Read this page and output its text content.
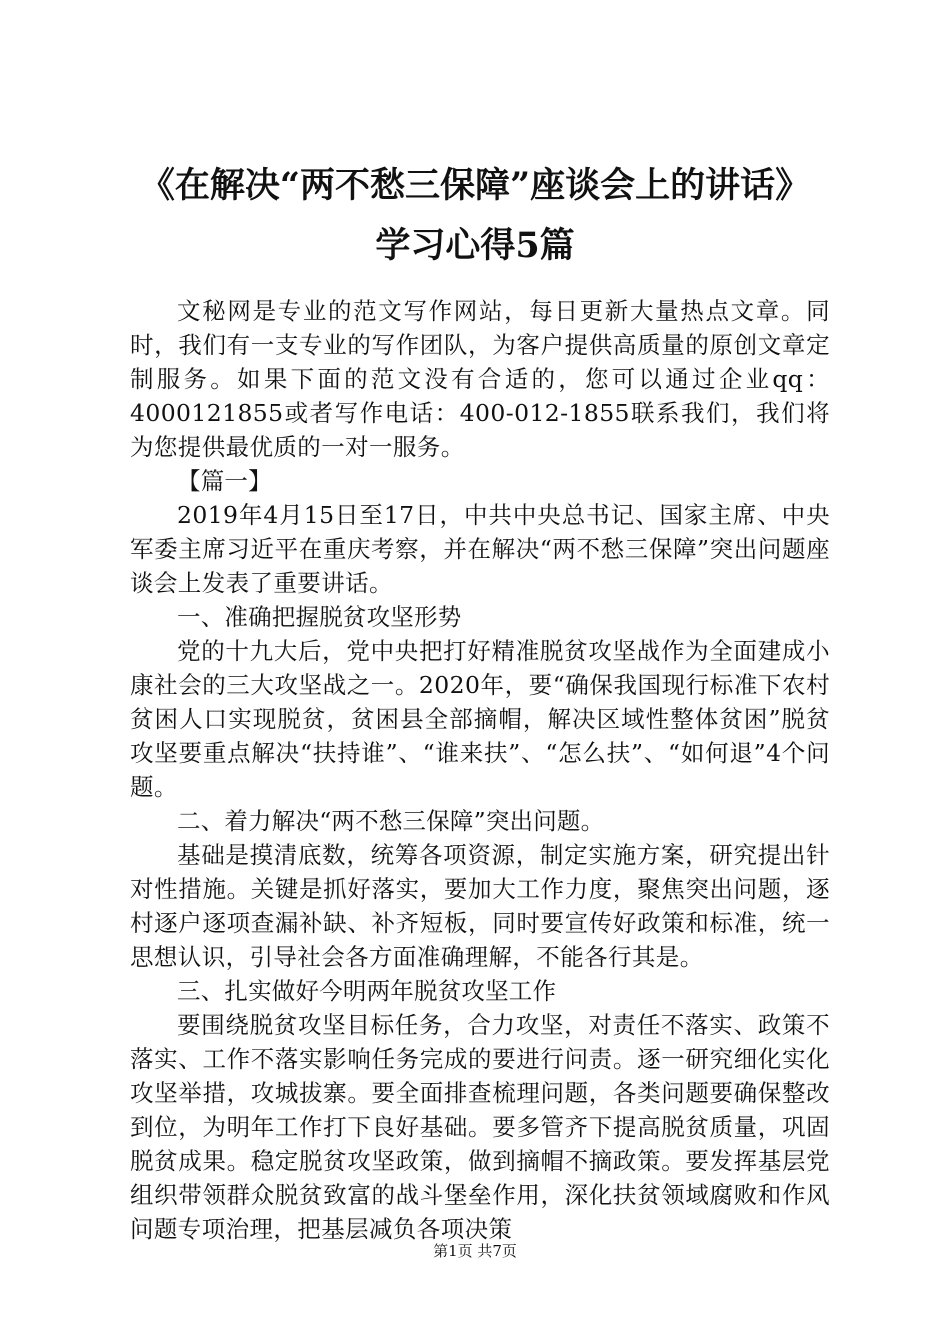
《在解决“两不愁三保障”座谈会上的讲话》
学习心得5篇

文秘网是专业的范文写作网站，每日更新大量热点文章。同时，我们有一支专业的写作团队，为客户提供高质量的原创文章定制服务。如果下面的范文没有合适的，您可以通过企业qq：4000121855或者写作电话：400-012-1855联系我们，我们将为您提供最优质的一对一服务。

【篇一】

2019年4月15日至17日，中共中央总书记、国家主席、中央军委主席习近平在重庆考察，并在解决“两不愁三保障”突出问题座谈会上发表了重要讲话。

一、准确把握脱贫攻坚形势

党的十九大后，党中央把打好精准脱贫攻坚战作为全面建成小康社会的三大攻坚战之一。2020年，要“确保我国现行标准下农村贫困人口实现脱贫，贫困县全部摘帽，解决区域性整体贫困”脱贫攻坚要重点解决“扶持谁”、“谁来扶”、“怎么扶”、“如何退”4个问题。

二、着力解决“两不愁三保障”突出问题。

基础是摸清底数，统筹各项资源，制定实施方案，研究提出针对性措施。关键是抓好落实，要加大工作力度，聚焦突出问题，逐村逐户逐项查漏补缺、补齐短板，同时要宣传好政策和标准，统一思想认识，引导社会各方面准确理解，不能各行其是。

三、扎实做好今明两年脱贫攻坚工作

要围绕脱贫攻坚目标任务，合力攻坚，对责任不落实、政策不落实、工作不落实影响任务完成的要进行问责。逐一研究细化实化攻坚举措，攻城拔寨。要全面排查梳理问题，各类问题要确保整改到位，为明年工作打下良好基础。要多管齐下提高脱贫质量，巩固脱贫成果。稳定脱贫攻坚政策，做到摘帽不摘政策。要发挥基层党组织带领群众脱贫致富的战斗堡垒作用，深化扶贫领域腐败和作风问题专项治理，把基层减负各项决策

第1页 共7页
